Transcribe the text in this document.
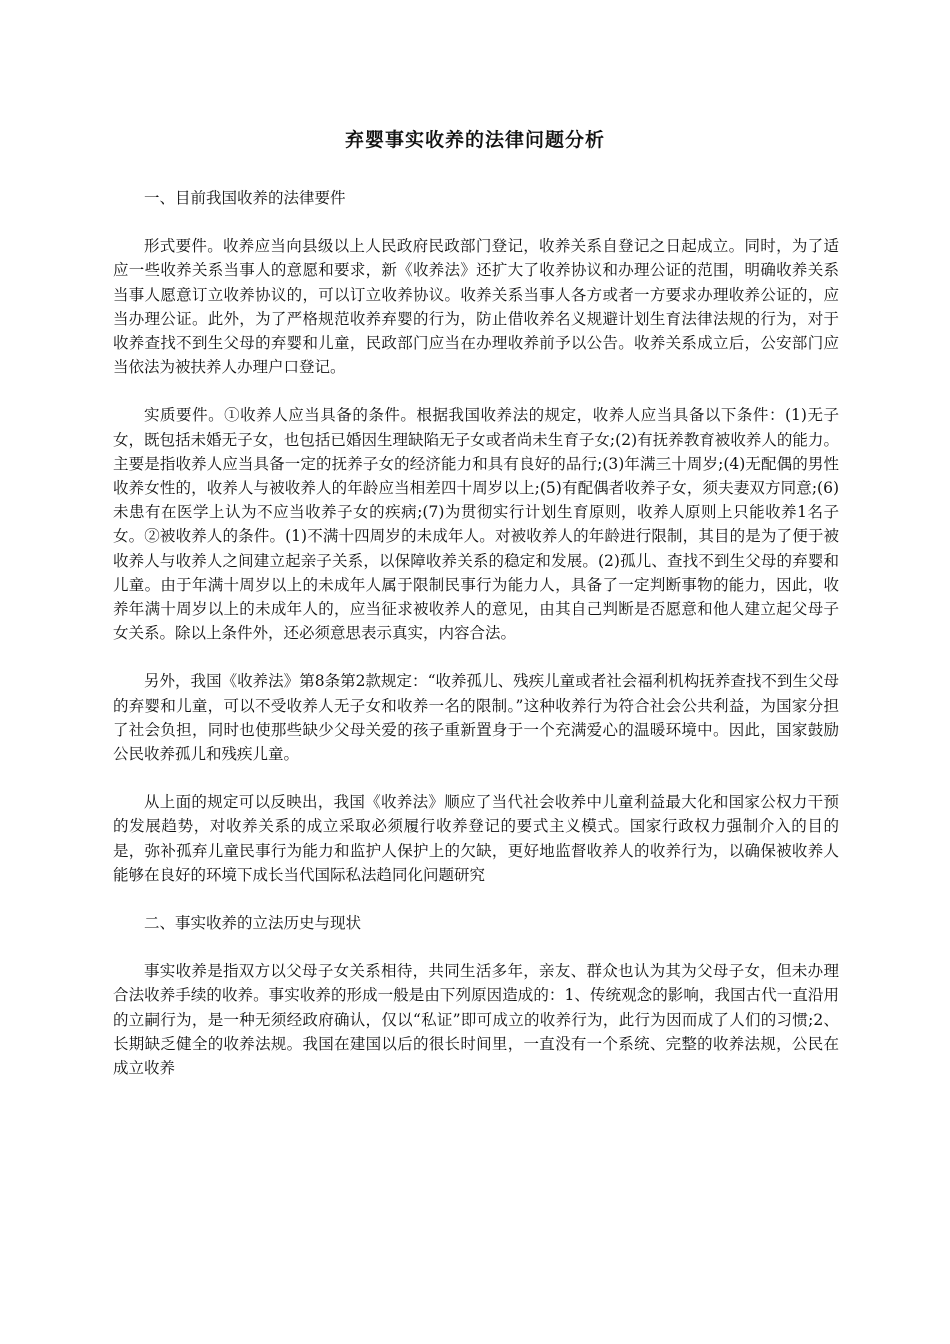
弃婴事实收养的法律问题分析

一、目前我国收养的法律要件

形式要件。收养应当向县级以上人民政府民政部门登记，收养关系自登记之日起成立。同时，为了适应一些收养关系当事人的意愿和要求，新《收养法》还扩大了收养协议和办理公证的范围，明确收养关系当事人愿意订立收养协议的，可以订立收养协议。收养关系当事人各方或者一方要求办理收养公证的，应当办理公证。此外，为了严格规范收养弃婴的行为，防止借收养名义规避计划生育法律法规的行为，对于收养查找不到生父母的弃婴和儿童，民政部门应当在办理收养前予以公告。收养关系成立后，公安部门应当依法为被扶养人办理户口登记。

实质要件。①收养人应当具备的条件。根据我国收养法的规定，收养人应当具备以下条件：(1)无子女，既包括未婚无子女，也包括已婚因生理缺陷无子女或者尚未生育子女;(2)有抚养教育被收养人的能力。主要是指收养人应当具备一定的抚养子女的经济能力和具有良好的品行;(3)年满三十周岁;(4)无配偶的男性收养女性的，收养人与被收养人的年龄应当相差四十周岁以上;(5)有配偶者收养子女，须夫妻双方同意;(6)未患有在医学上认为不应当收养子女的疾病;(7)为贯彻实行计划生育原则，收养人原则上只能收养1名子女。②被收养人的条件。(1)不满十四周岁的未成年人。对被收养人的年龄进行限制，其目的是为了便于被收养人与收养人之间建立起亲子关系，以保障收养关系的稳定和发展。(2)孤儿、查找不到生父母的弃婴和儿童。由于年满十周岁以上的未成年人属于限制民事行为能力人，具备了一定判断事物的能力，因此，收养年满十周岁以上的未成年人的，应当征求被收养人的意见，由其自己判断是否愿意和他人建立起父母子女关系。除以上条件外，还必须意思表示真实，内容合法。

另外，我国《收养法》第8条第2款规定：“收养孤儿、残疾儿童或者社会福利机构抚养查找不到生父母的弃婴和儿童，可以不受收养人无子女和收养一名的限制。”这种收养行为符合社会公共利益，为国家分担了社会负担，同时也使那些缺少父母关爱的孩子重新置身于一个充满爱心的温暖环境中。因此，国家鼓励公民收养孤儿和残疾儿童。

从上面的规定可以反映出，我国《收养法》顺应了当代社会收养中儿童利益最大化和国家公权力干预的发展趋势，对收养关系的成立采取必须履行收养登记的要式主义模式。国家行政权力强制介入的目的是，弥补孤弃儿童民事行为能力和监护人保护上的欠缺，更好地监督收养人的收养行为，以确保被收养人能够在良好的环境下成长当代国际私法趋同化问题研究

二、事实收养的立法历史与现状

事实收养是指双方以父母子女关系相待，共同生活多年，亲友、群众也认为其为父母子女，但未办理合法收养手续的收养。事实收养的形成一般是由下列原因造成的：1、传统观念的影响，我国古代一直沿用的立嗣行为，是一种无须经政府确认，仅以“私证”即可成立的收养行为，此行为因而成了人们的习惯;2、长期缺乏健全的收养法规。我国在建国以后的很长时间里，一直没有一个系统、完整的收养法规，公民在成立收养
